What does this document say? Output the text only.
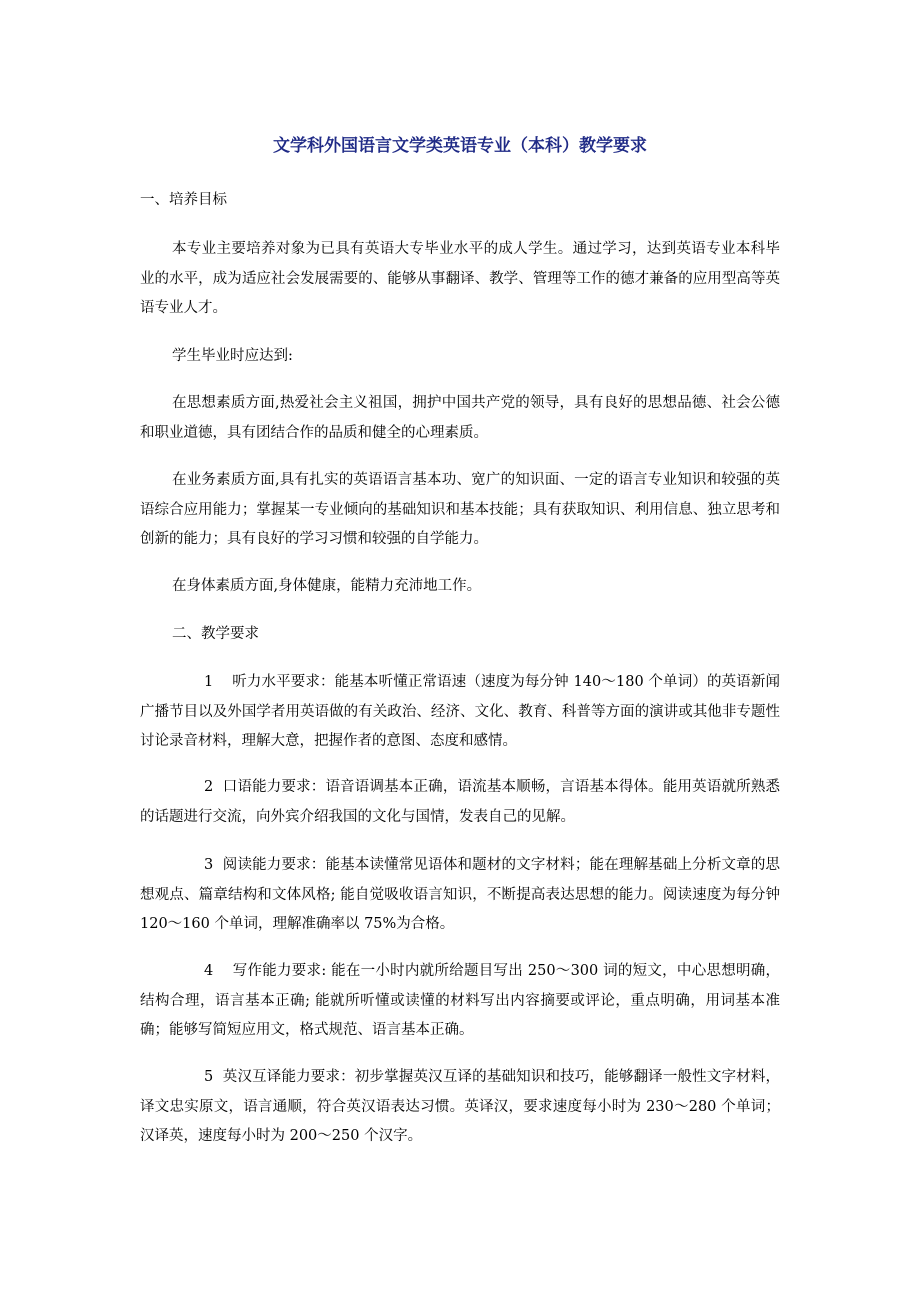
文学科外国语言文学类英语专业（本科）教学要求
一、培养目标
本专业主要培养对象为已具有英语大专毕业水平的成人学生。通过学习，达到英语专业本科毕业的水平，成为适应社会发展需要的、能够从事翻译、教学、管理等工作的德才兼备的应用型高等英语专业人才。
学生毕业时应达到:
在思想素质方面,热爱社会主义祖国，拥护中国共产党的领导，具有良好的思想品德、社会公德和职业道德，具有团结合作的品质和健全的心理素质。
在业务素质方面,具有扎实的英语语言基本功、宽广的知识面、一定的语言专业知识和较强的英语综合应用能力；掌握某一专业倾向的基础知识和基本技能；具有获取知识、利用信息、独立思考和创新的能力；具有良好的学习习惯和较强的自学能力。
在身体素质方面,身体健康，能精力充沛地工作。
二、教学要求
1 听力水平要求：能基本听懂正常语速（速度为每分钟 140～180 个单词）的英语新闻广播节目以及外国学者用英语做的有关政治、经济、文化、教育、科普等方面的演讲或其他非专题性讨论录音材料，理解大意，把握作者的意图、态度和感情。
2 口语能力要求：语音语调基本正确，语流基本顺畅，言语基本得体。能用英语就所熟悉的话题进行交流，向外宾介绍我国的文化与国情，发表自己的见解。
3 阅读能力要求：能基本读懂常见语体和题材的文字材料；能在理解基础上分析文章的思想观点、篇章结构和文体风格; 能自觉吸收语言知识，不断提高表达思想的能力。阅读速度为每分钟 120～160 个单词，理解准确率以 75%为合格。
4 写作能力要求: 能在一小时内就所给题目写出 250～300 词的短文，中心思想明确，结构合理，语言基本正确; 能就所听懂或读懂的材料写出内容摘要或评论，重点明确，用词基本准确；能够写简短应用文，格式规范、语言基本正确。
5 英汉互译能力要求：初步掌握英汉互译的基础知识和技巧，能够翻译一般性文字材料，译文忠实原文，语言通顺，符合英汉语表达习惯。英译汉，要求速度每小时为 230～280 个单词；汉译英，速度每小时为 200～250 个汉字。
